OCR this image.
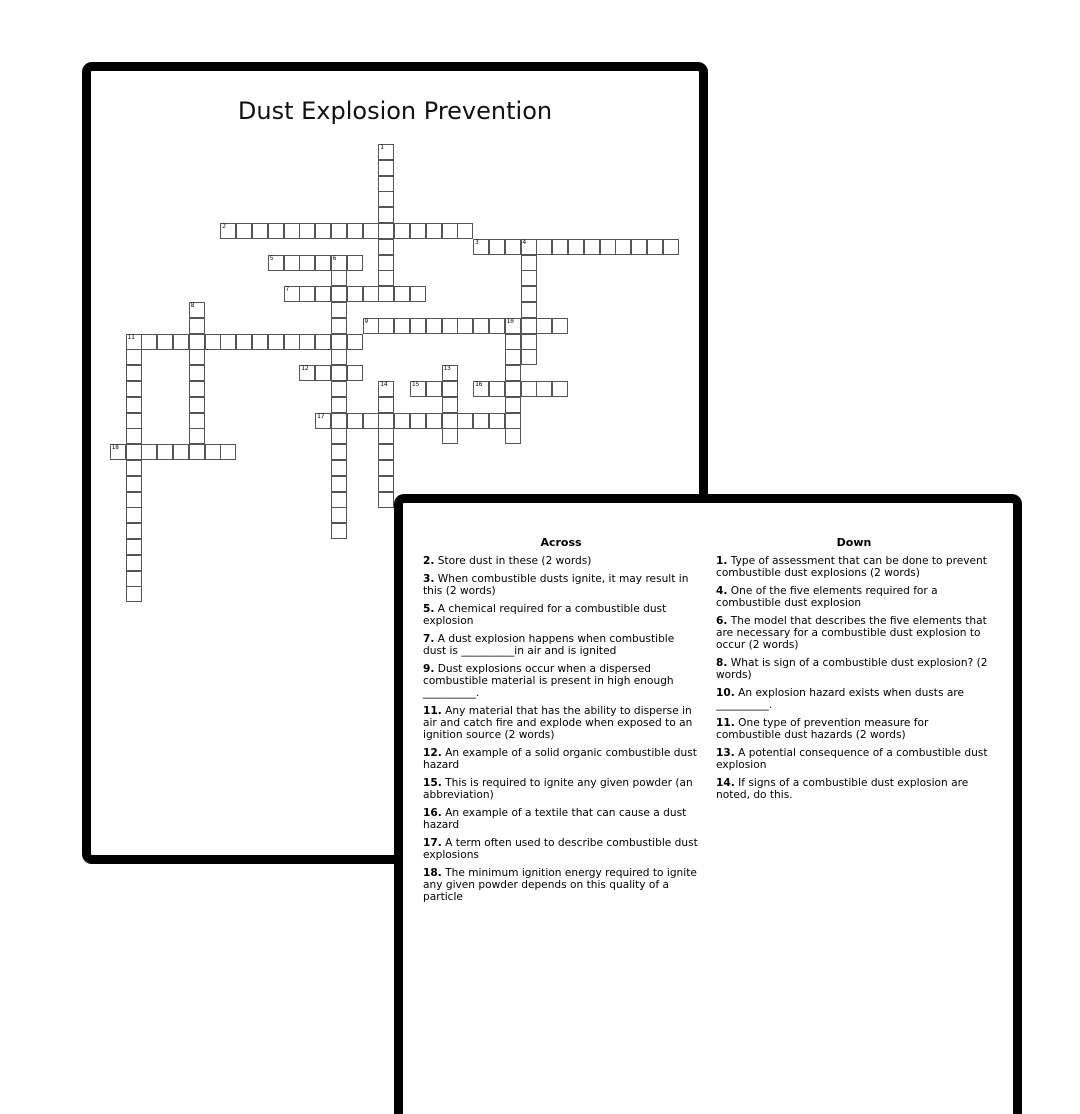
Dust Explosion Prevention
1
2
3	4
5	6
7
8
9	10
11
12	13
14	15	16
17
18
Across
2. Store dust in these (2 words)
3. When combustible dusts ignite, it may result in this (2 words)
5. A chemical required for a combustible dust explosion
7. A dust explosion happens when combustible dust is __________in air and is ignited
9. Dust explosions occur when a dispersed combustible material is present in high enough __________.
11. Any material that has the ability to disperse in air and catch fire and explode when exposed to an ignition source (2 words)
12. An example of a solid organic combustible dust hazard
15. This is required to ignite any given powder (an abbreviation)
16. An example of a textile that can cause a dust hazard
17. A term often used to describe combustible dust explosions
18. The minimum ignition energy required to ignite any given powder depends on this quality of a particle
Down
1. Type of assessment that can be done to prevent combustible dust explosions (2 words)
4. One of the five elements required for a combustible dust explosion
6. The model that describes the five elements that are necessary for a combustible dust explosion to occur (2 words)
8. What is sign of a combustible dust explosion? (2 words)
10. An explosion hazard exists when dusts are __________.
11. One type of prevention measure for combustible dust hazards (2 words)
13. A potential consequence of a combustible dust explosion
14. If signs of a combustible dust explosion are noted, do this.
